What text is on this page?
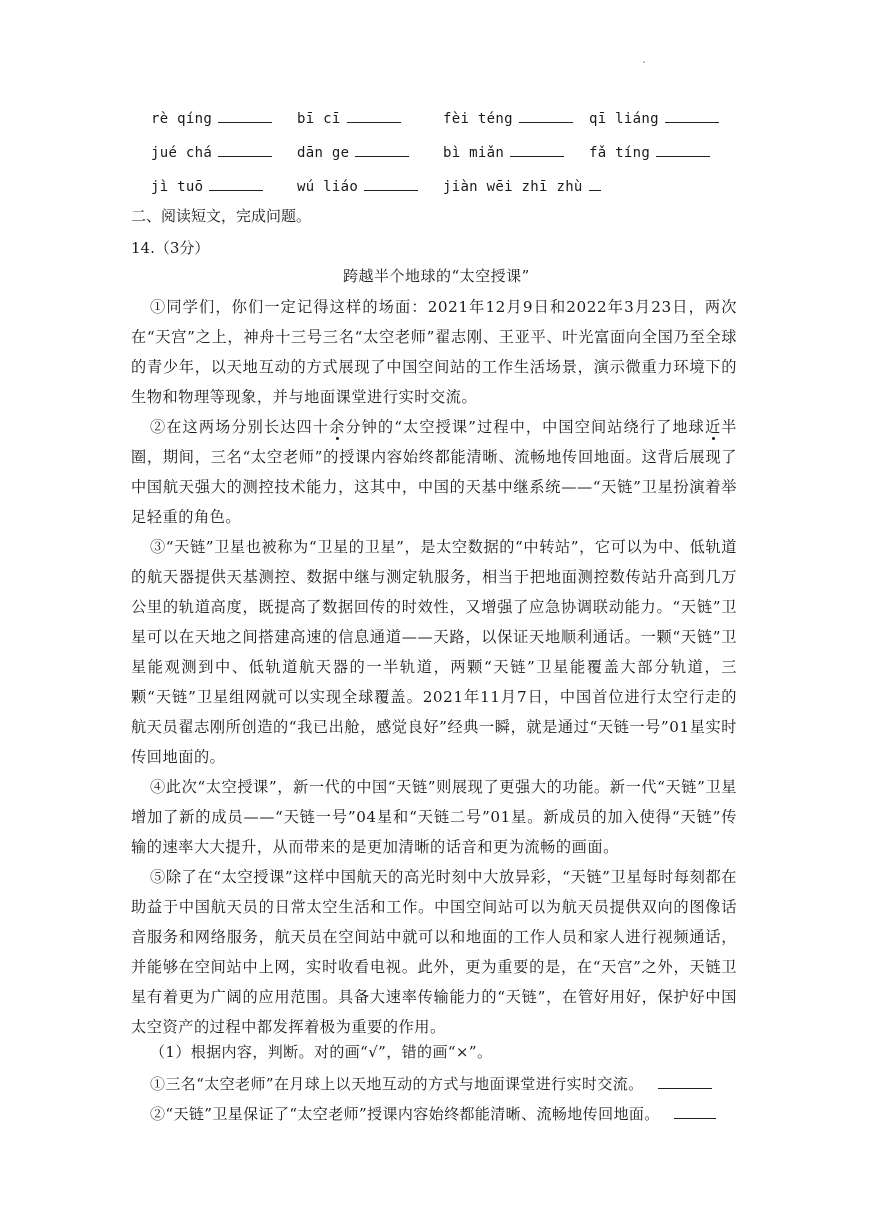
.
rè qíng	bī cī	fèi téng	qī liáng
jué chá	dān ge	bì miǎn	fǎ tíng
jì tuō	wú liáo	jiàn wēi zhī zhù
二、阅读短文，完成问题。
14.（3分）
跨越半个地球的“太空授课”

①同学们，你们一定记得这样的场面：2021年12月9日和2022年3月23日，两次在“天宫”之上，神舟十三号三名“太空老师”翟志刚、王亚平、叶光富面向全国乃至全球的青少年，以天地互动的方式展现了中国空间站的工作生活场景，演示微重力环境下的生物和物理等现象，并与地面课堂进行实时交流。

②在这两场分别长达四十余分钟的“太空授课”过程中，中国空间站绕行了地球近半圈，期间，三名“太空老师”的授课内容始终都能清晰、流畅地传回地面。这背后展现了中国航天强大的测控技术能力，这其中，中国的天基中继系统——“天链”卫星扮演着举足轻重的角色。

③“天链”卫星也被称为“卫星的卫星”，是太空数据的“中转站”，它可以为中、低轨道的航天器提供天基测控、数据中继与测定轨服务，相当于把地面测控数传站升高到几万公里的轨道高度，既提高了数据回传的时效性，又增强了应急协调联动能力。“天链”卫星可以在天地之间搭建高速的信息通道——天路，以保证天地顺利通话。一颗“天链”卫星能观测到中、低轨道航天器的一半轨道，两颗“天链”卫星能覆盖大部分轨道，三颗“天链”卫星组网就可以实现全球覆盖。2021年11月7日，中国首位进行太空行走的航天员翟志刚所创造的“我已出舱，感觉良好”经典一瞬，就是通过“天链一号”01星实时传回地面的。

④此次“太空授课”，新一代的中国“天链”则展现了更强大的功能。新一代“天链”卫星增加了新的成员——“天链一号”04星和“天链二号”01星。新成员的加入使得“天链”传输的速率大大提升，从而带来的是更加清晰的话音和更为流畅的画面。

⑤除了在“太空授课”这样中国航天的高光时刻中大放异彩，“天链”卫星每时每刻都在助益于中国航天员的日常太空生活和工作。中国空间站可以为航天员提供双向的图像话音服务和网络服务，航天员在空间站中就可以和地面的工作人员和家人进行视频通话，并能够在空间站中上网，实时收看电视。此外，更为重要的是，在“天宫”之外，天链卫星有着更为广阔的应用范围。具备大速率传输能力的“天链”，在管好用好，保护好中国太空资产的过程中都发挥着极为重要的作用。

（1）根据内容，判断。对的画“√”，错的画“×”。
①三名“太空老师”在月球上以天地互动的方式与地面课堂进行实时交流。
②“天链”卫星保证了“太空老师”授课内容始终都能清晰、流畅地传回地面。
